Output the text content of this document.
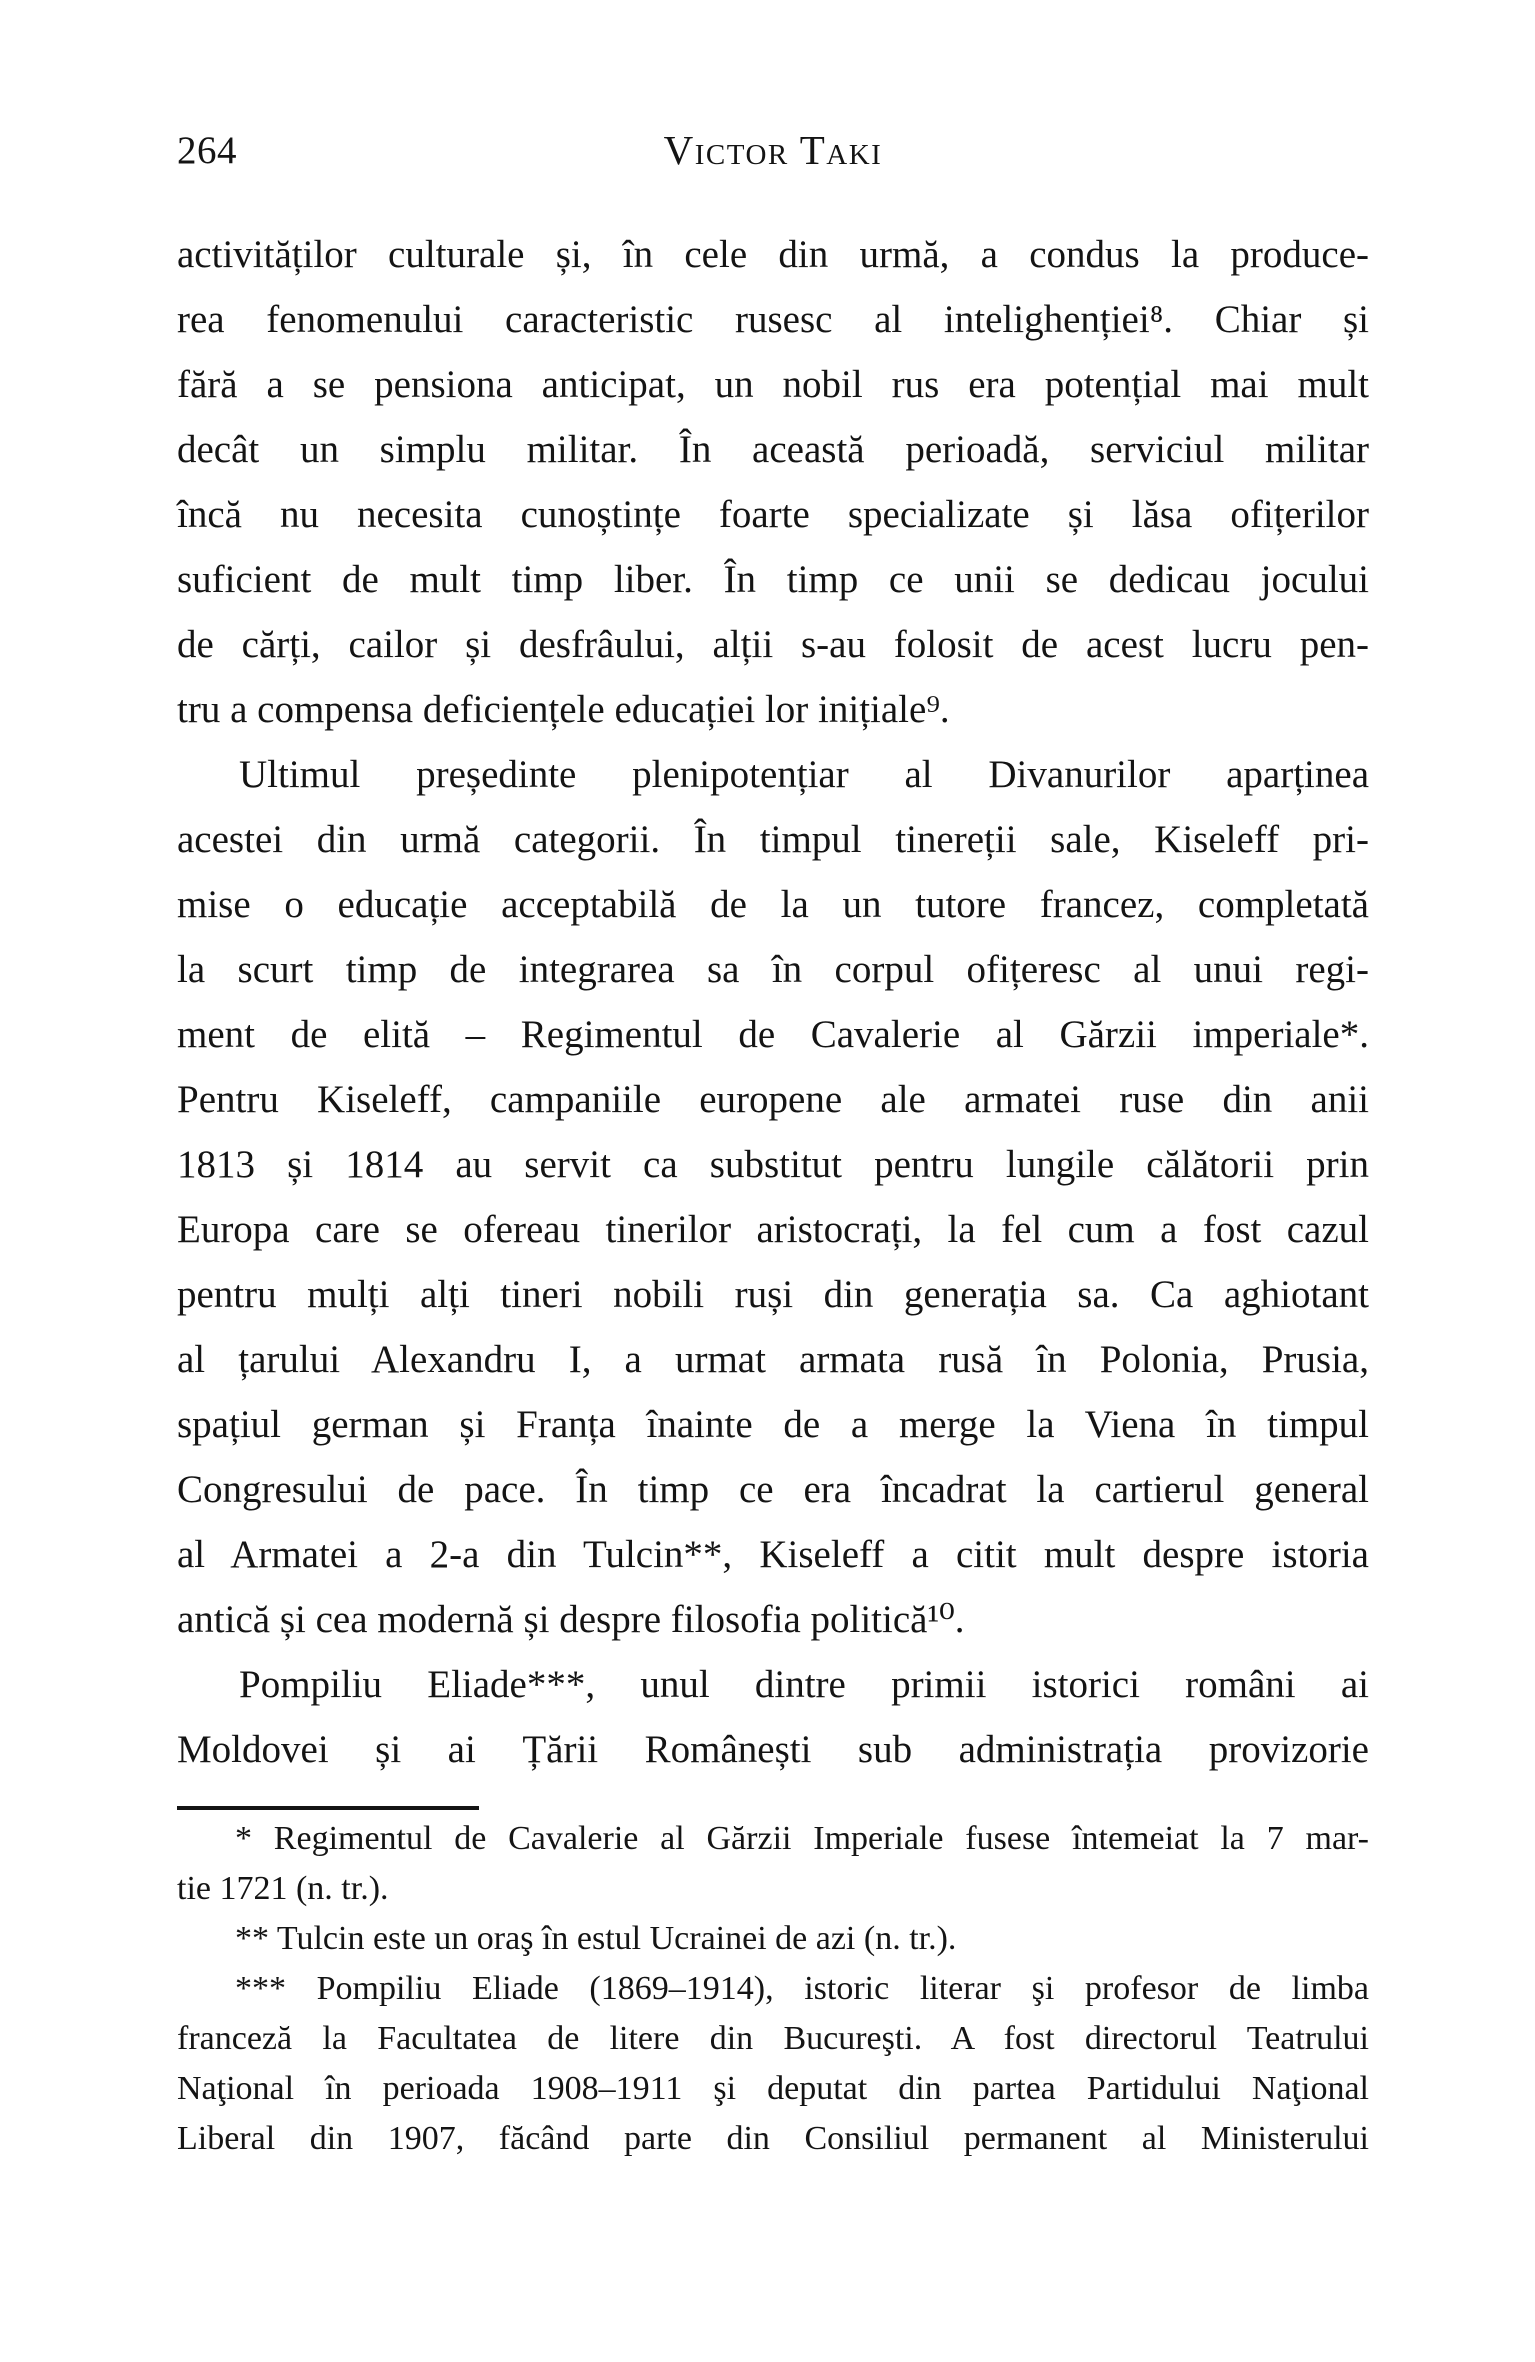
264	Victor Taki
activităților culturale și, în cele din urmă, a condus la produce-
rea fenomenului caracteristic rusesc al intelighenției⁸. Chiar și
fără a se pensiona anticipat, un nobil rus era potențial mai mult
decât un simplu militar. În această perioadă, serviciul militar
încă nu necesita cunoștințe foarte specializate și lăsa ofițerilor
suficient de mult timp liber. În timp ce unii se dedicau jocului
de cărți, cailor și desfrâului, alții s-au folosit de acest lucru pen-
tru a compensa deficiențele educației lor inițiale⁹.
Ultimul președinte plenipotențiar al Divanurilor aparținea
acestei din urmă categorii. În timpul tinereții sale, Kiseleff pri-
mise o educație acceptabilă de la un tutore francez, completată
la scurt timp de integrarea sa în corpul ofițeresc al unui regi-
ment de elită – Regimentul de Cavalerie al Gărzii imperiale*.
Pentru Kiseleff, campaniile europene ale armatei ruse din anii
1813 și 1814 au servit ca substitut pentru lungile călătorii prin
Europa care se ofereau tinerilor aristocrați, la fel cum a fost cazul
pentru mulți alți tineri nobili ruși din generația sa. Ca aghiotant
al țarului Alexandru I, a urmat armata rusă în Polonia, Prusia,
spațiul german și Franța înainte de a merge la Viena în timpul
Congresului de pace. În timp ce era încadrat la cartierul general
al Armatei a 2-a din Tulcin**, Kiseleff a citit mult despre istoria
antică și cea modernă și despre filosofia politică¹⁰.
Pompiliu Eliade***, unul dintre primii istorici români ai
Moldovei și ai Țării Românești sub administrația provizorie
* Regimentul de Cavalerie al Gărzii Imperiale fusese întemeiat la 7 mar-
tie 1721 (n. tr.).
** Tulcin este un oraş în estul Ucrainei de azi (n. tr.).
*** Pompiliu Eliade (1869–1914), istoric literar şi profesor de limba
franceză la Facultatea de litere din Bucureşti. A fost directorul Teatrului
Naţional în perioada 1908–1911 şi deputat din partea Partidului Naţional
Liberal din 1907, făcând parte din Consiliul permanent al Ministerului
